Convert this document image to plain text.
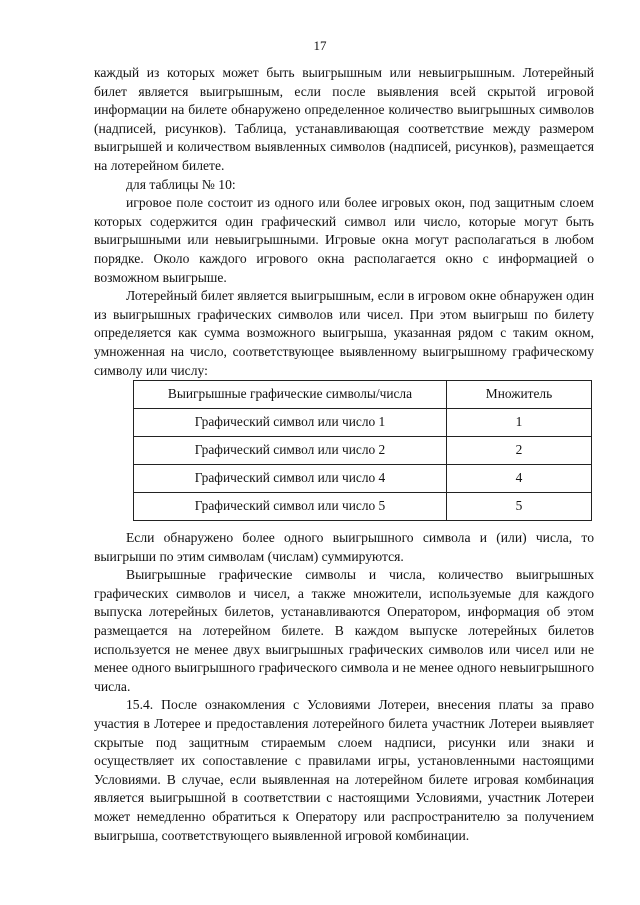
17

каждый из которых может быть выигрышным или невыигрышным. Лотерейный билет является выигрышным, если после выявления всей скрытой игровой информации на билете обнаружено определенное количество выигрышных символов (надписей, рисунков). Таблица, устанавливающая соответствие между размером выигрышей и количеством выявленных символов (надписей, рисунков), размещается на лотерейном билете.

для таблицы № 10:

игровое поле состоит из одного или более игровых окон, под защитным слоем которых содержится один графический символ или число, которые могут быть выигрышными или невыигрышными. Игровые окна могут располагаться в любом порядке. Около каждого игрового окна располагается окно с информацией о возможном выигрыше.

Лотерейный билет является выигрышным, если в игровом окне обнаружен один из выигрышных графических символов или чисел. При этом выигрыш по билету определяется как сумма возможного выигрыша, указанная рядом с таким окном, умноженная на число, соответствующее выявленному выигрышному графическому символу или числу:

Выигрышные графические символы/числа	Множитель
Графический символ или число 1	1
Графический символ или число 2	2
Графический символ или число 4	4
Графический символ или число 5	5

Если обнаружено более одного выигрышного символа и (или) числа, то выигрыши по этим символам (числам) суммируются.

Выигрышные графические символы и числа, количество выигрышных графических символов и чисел, а также множители, используемые для каждого выпуска лотерейных билетов, устанавливаются Оператором, информация об этом размещается на лотерейном билете. В каждом выпуске лотерейных билетов используется не менее двух выигрышных графических символов или чисел или не менее одного выигрышного графического символа и не менее одного невыигрышного числа.

15.4. После ознакомления с Условиями Лотереи, внесения платы за право участия в Лотерее и предоставления лотерейного билета участник Лотереи выявляет скрытые под защитным стираемым слоем надписи, рисунки или знаки и осуществляет их сопоставление с правилами игры, установленными настоящими Условиями. В случае, если выявленная на лотерейном билете игровая комбинация является выигрышной в соответствии с настоящими Условиями, участник Лотереи может немедленно обратиться к Оператору или распространителю за получением выигрыша, соответствующего выявленной игровой комбинации.
